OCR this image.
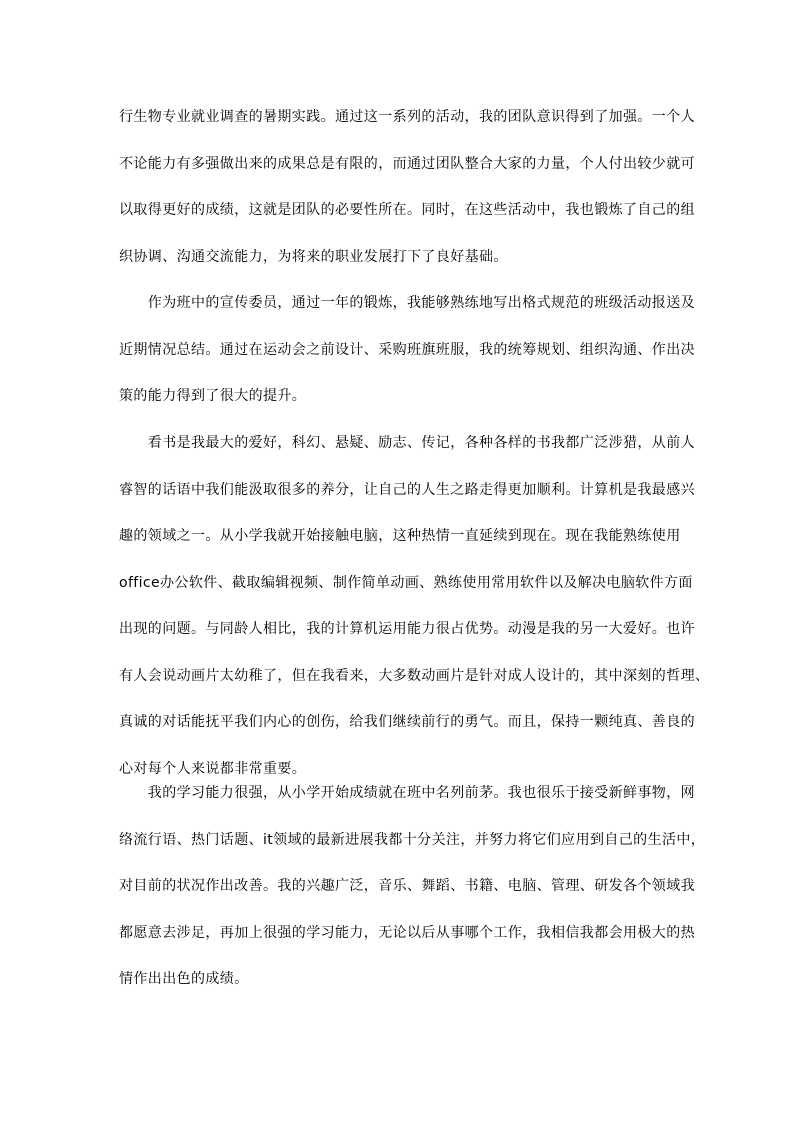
行生物专业就业调查的暑期实践。通过这一系列的活动，我的团队意识得到了加强。一个人
不论能力有多强做出来的成果总是有限的，而通过团队整合大家的力量，个人付出较少就可
以取得更好的成绩，这就是团队的必要性所在。同时，在这些活动中，我也锻炼了自己的组
织协调、沟通交流能力，为将来的职业发展打下了良好基础。

　　作为班中的宣传委员，通过一年的锻炼，我能够熟练地写出格式规范的班级活动报送及
近期情况总结。通过在运动会之前设计、采购班旗班服，我的统筹规划、组织沟通、作出决
策的能力得到了很大的提升。

　　看书是我最大的爱好，科幻、悬疑、励志、传记，各种各样的书我都广泛涉猎，从前人
睿智的话语中我们能汲取很多的养分，让自己的人生之路走得更加顺利。计算机是我最感兴
趣的领域之一。从小学我就开始接触电脑，这种热情一直延续到现在。现在我能熟练使用
office办公软件、截取编辑视频、制作简单动画、熟练使用常用软件以及解决电脑软件方面
出现的问题。与同龄人相比，我的计算机运用能力很占优势。动漫是我的另一大爱好。也许
有人会说动画片太幼稚了，但在我看来，大多数动画片是针对成人设计的，其中深刻的哲理、
真诚的对话能抚平我们内心的创伤，给我们继续前行的勇气。而且，保持一颗纯真、善良的
心对每个人来说都非常重要。

　　我的学习能力很强，从小学开始成绩就在班中名列前茅。我也很乐于接受新鲜事物，网
络流行语、热门话题、it领域的最新进展我都十分关注，并努力将它们应用到自己的生活中，
对目前的状况作出改善。我的兴趣广泛，音乐、舞蹈、书籍、电脑、管理、研发各个领域我
都愿意去涉足，再加上很强的学习能力，无论以后从事哪个工作，我相信我都会用极大的热
情作出出色的成绩。
